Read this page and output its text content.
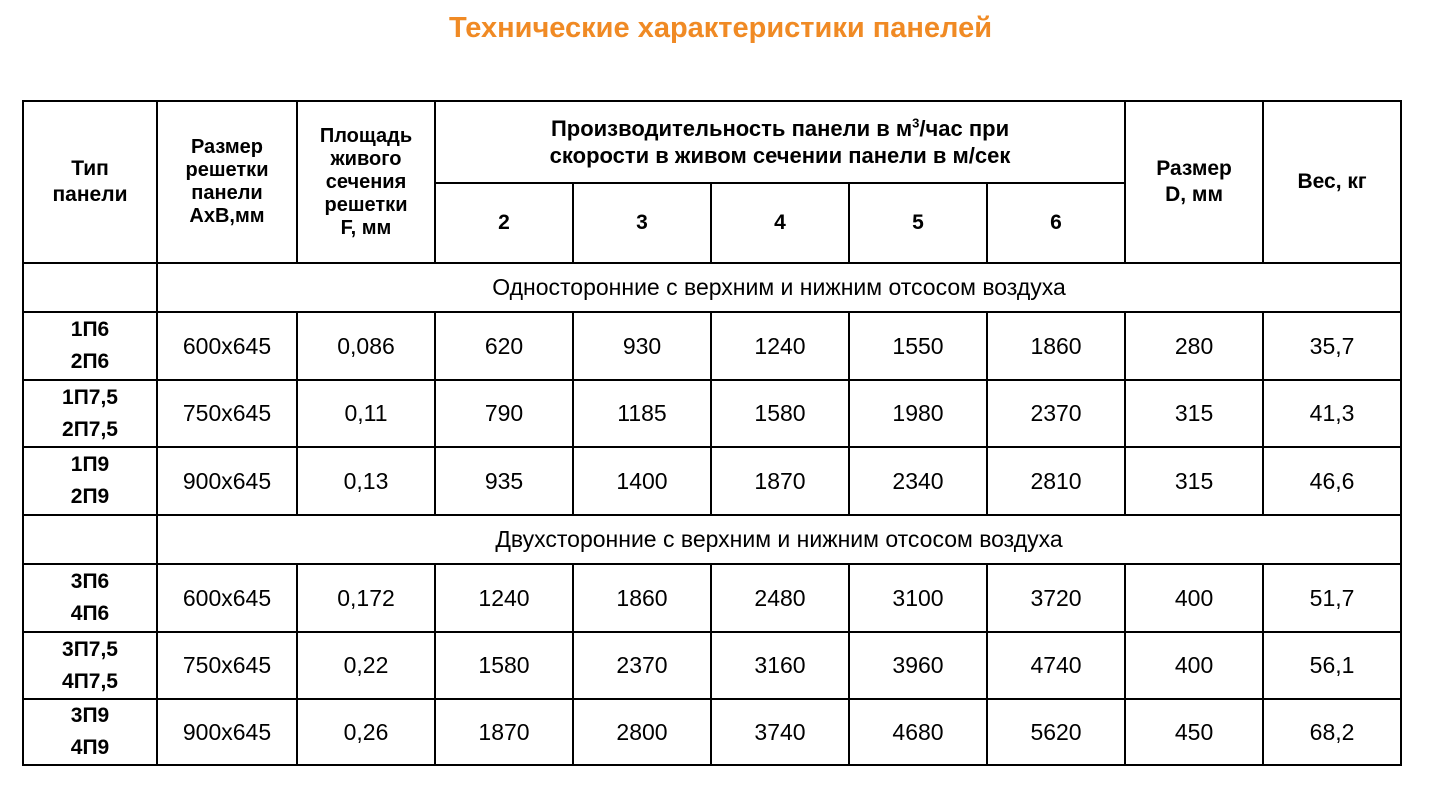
Технические характеристики панелей
Тип
панели	Размер
решетки
панели
АхВ,мм	Площадь
живого
сечения
решетки
F, мм	Производительность панели в $м^3$/час при
скорости в живом сечении панели в м/сек					Размер
D, мм	Вес, кг

			2	3	4	5	6		
	Односторонние с верхним и нижним отсосом воздуха								

1П6
2П6	600х645	0,086	620	930	1240	1550	1860	280	35,7

1П7,5
2П7,5	750х645	0,11	790	1185	1580	1980	2370	315	41,3

1П9
2П9	900х645	0,13	935	1400	1870	2340	2810	315	46,6
	Двухсторонние с верхним и нижним отсосом воздуха								

3П6
4П6	600х645	0,172	1240	1860	2480	3100	3720	400	51,7

3П7,5
4П7,5	750х645	0,22	1580	2370	3160	3960	4740	400	56,1

3П9
4П9	900х645	0,26	1870	2800	3740	4680	5620	450	68,2
